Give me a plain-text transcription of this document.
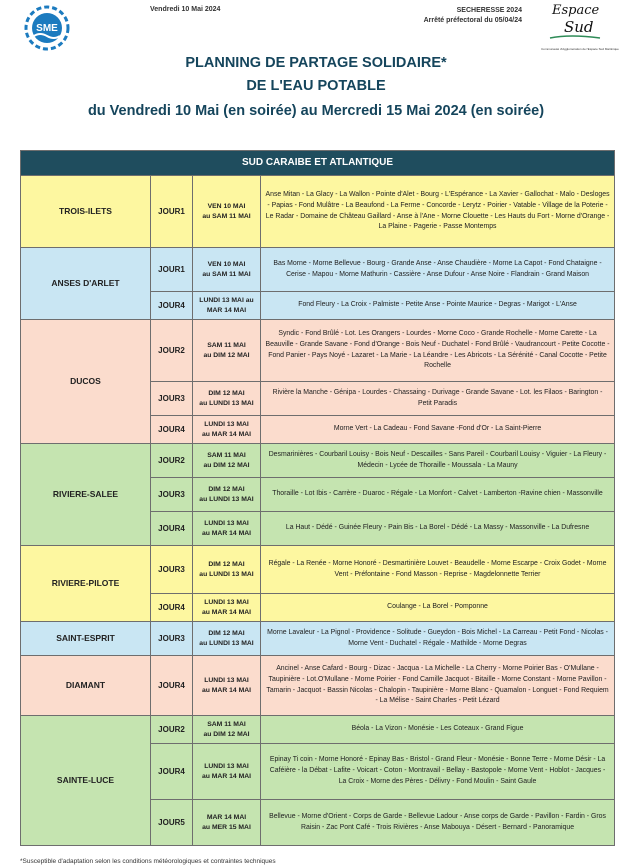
SME
Vendredi 10 Mai 2024	SECHERESSE 2024
Arrêté préfectoral du 05/04/24
Espace
Sud
Communauté d'Agglomération de l'Espace Sud Martinique
PLANNING DE PARTAGE SOLIDAIRE*
DE L'EAU POTABLE
du Vendredi 10 Mai (en soirée) au Mercredi 15 Mai 2024 (en soirée)
SUD CARAIBE ET ATLANTIQUE			
TROIS-ILETS	JOUR1	VEN 10 MAI
au SAM 11 MAI	Anse Mitan - La Glacy - La Wallon - Pointe d'Alet - Bourg - L'Espérance - La Xavier - Gallochat - Malo - Desloges - Papias - Fond Mulâtre - La Beaufond - La Ferme - Concorde - Lerytz - Poirier - Vatable - Village de la Poterie - Le Radar - Domaine de Château Gaillard - Anse à l'Ane - Morne Clouette - Les Hauts du Fort - Morne d'Orange - La Plaine - Pagerie - Passe Montemps
ANSES D'ARLET	JOUR1	VEN 10 MAI
au SAM 11 MAI	Bas Morne - Morne Bellevue - Bourg - Grande Anse - Anse Chaudière - Morne La Capot - Fond Chataigne - Cerise - Mapou - Morne Mathurin - Cassière - Anse Dufour - Anse Noire - Flandrain - Grand Maison
	JOUR4	LUNDI 13 MAI au
MAR 14 MAI	Fond Fleury - La Croix - Palmiste - Petite Anse - Pointe Maurice - Degras - Marigot - L'Anse
DUCOS	JOUR2	SAM 11 MAI
au DIM 12 MAI	Syndic - Fond Brûlé - Lot. Les Orangers - Lourdes - Morne Coco - Grande Rochelle - Morne Carette - La Beauville - Grande Savane - Fond d'Orange - Bois Neuf - Duchatel - Fond Brûlé - Vaudrancourt - Petite Cocotte - Fond Panier - Pays Noyé - Lazaret - La Marie - La Léandre - Les Abricots - La Sérénité - Canal Cocotte - Petite Rochelle
	JOUR3	DIM 12 MAI
au LUNDI 13 MAI	Rivière la Manche - Génipa - Lourdes - Chassaing - Durivage - Grande Savane - Lot. les Filaos - Barington - Petit Paradis
	JOUR4	LUNDI 13 MAI
au MAR 14 MAI	Morne Vert - La Cadeau - Fond Savane -Fond d'Or - La Saint-Pierre
RIVIERE-SALEE	JOUR2	SAM 11 MAI
au DIM 12 MAI	Desmarinières - Courbaril Louisy - Bois Neuf - Descailles - Sans Pareil - Courbaril Louisy - Viguier - La Fleury - Médecin - Lycée de Thoraille - Moussala - La Mauny
	JOUR3	DIM 12 MAI
au LUNDI 13 MAI	Thoraille - Lot Ibis - Carrère - Duaroc - Régale - La Monfort - Calvet - Lamberton -Ravine chien - Massonville
	JOUR4	LUNDI 13 MAI
au MAR 14 MAI	La Haut - Dédé - Guinée Fleury - Pain Bis - La Borel - Dédé - La Massy - Massonville - La Dufresne
RIVIERE-PILOTE	JOUR3	DIM 12 MAI
au LUNDI 13 MAI	Régale - La Renée - Morne Honoré - Desmartinière Louvet - Beaudelle - Morne Escarpe - Croix Godet - Morne Vent - Préfontaine - Fond Masson - Reprise - Magdelonnette Terrier
	JOUR4	LUNDI 13 MAI
au MAR 14 MAI	Coulange - La Borel - Pomponne
SAINT-ESPRIT	JOUR3	DIM 12 MAI
au LUNDI 13 MAI	Morne Lavaleur - La Pignol - Providence - Solitude - Gueydon - Bois Michel - La Carreau - Petit Fond - Nicolas - Morne Vent - Duchatel - Régale - Mathilde - Morne Degras
DIAMANT	JOUR4	LUNDI 13 MAI
au MAR 14 MAI	Ancinel - Anse Cafard - Bourg - Dizac - Jacqua - La Michelle - La Cherry - Morne Poirier Bas - O'Mullane - Taupinière - Lot.O'Mullane - Morne Poirier - Fond Camille Jacquot - Bitaille - Morne Constant - Morne Pavillon -Tamarin - Jacquot - Bassin Nicolas - Chalopin - Taupinière - Morne Blanc - Quamalon - Longuet - Fond Requiem - La Mélise - Saint Charles - Petit Lézard
SAINTE-LUCE	JOUR2	SAM 11 MAI
au DIM 12 MAI	Béola - La Vizon - Monésie - Les Coteaux - Grand Figue
	JOUR4	LUNDI 13 MAI
au MAR 14 MAI	Epinay Ti coin - Morne Honoré - Epinay Bas - Bristol - Grand Fleur - Monésie - Bonne Terre - Morne Désir - La Caféière - la Débat - Lafite - Voicart - Coton - Montravail - Bellay - Bastopole - Morne Vent - Hoblot - Jacques - La Croix - Morne des Pères - Délivry - Fond Moulin - Saint Gaule
	JOUR5	MAR 14 MAI
au MER 15 MAI	Bellevue - Morne d'Orient - Corps de Garde - Bellevue Ladour - Anse corps de Garde - Pavillon - Fardin - Gros Raisin - Zac Pont Café - Trois Rivières - Anse Mabouya - Désert - Bernard - Panoramique
*Susceptible d'adaptation selon les conditions météorologiques et contraintes techniques
